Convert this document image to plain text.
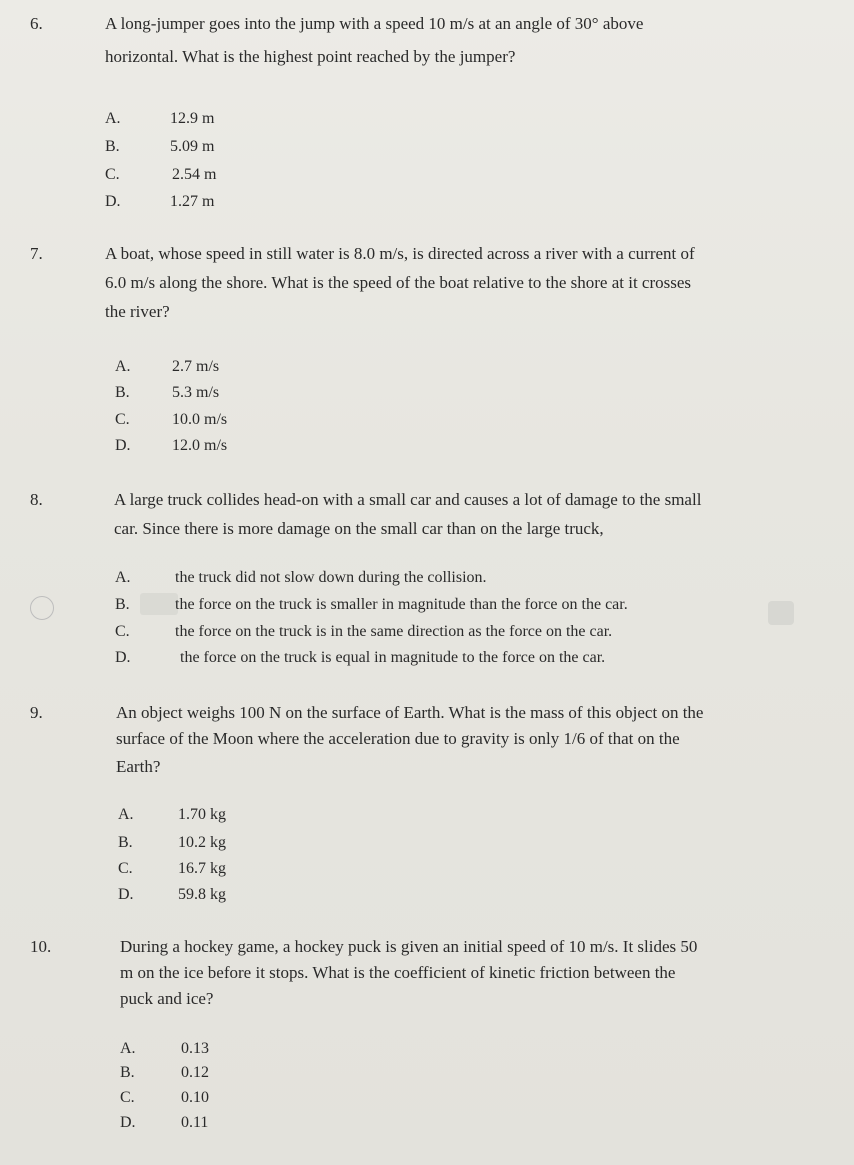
6.	A long-jumper goes into the jump with a speed 10 m/s at an angle of 30° above
horizontal. What is the highest point reached by the jumper?
A.	12.9 m
B.	5.09 m
C.	2.54 m
D.	1.27 m
7.	A boat, whose speed in still water is 8.0 m/s, is directed across a river with a current of
6.0 m/s along the shore. What is the speed of the boat relative to the shore at it crosses
the river?
A.	2.7 m/s
B.	5.3 m/s
C.	10.0 m/s
D.	12.0 m/s
8.	A large truck collides head-on with a small car and causes a lot of damage to the small
car. Since there is more damage on the small car than on the large truck,
A.	the truck did not slow down during the collision.
B.	the force on the truck is smaller in magnitude than the force on the car.
C.	the force on the truck is in the same direction as the force on the car.
D.	the force on the truck is equal in magnitude to the force on the car.
9.	An object weighs 100 N on the surface of Earth. What is the mass of this object on the
surface of the Moon where the acceleration due to gravity is only 1/6 of that on the
Earth?
A.	1.70 kg
B.	10.2 kg
C.	16.7 kg
D.	59.8 kg
10.	During a hockey game, a hockey puck is given an initial speed of 10 m/s. It slides 50
m on the ice before it stops. What is the coefficient of kinetic friction between the
puck and ice?
A.	0.13
B.	0.12
C.	0.10
D.	0.11
